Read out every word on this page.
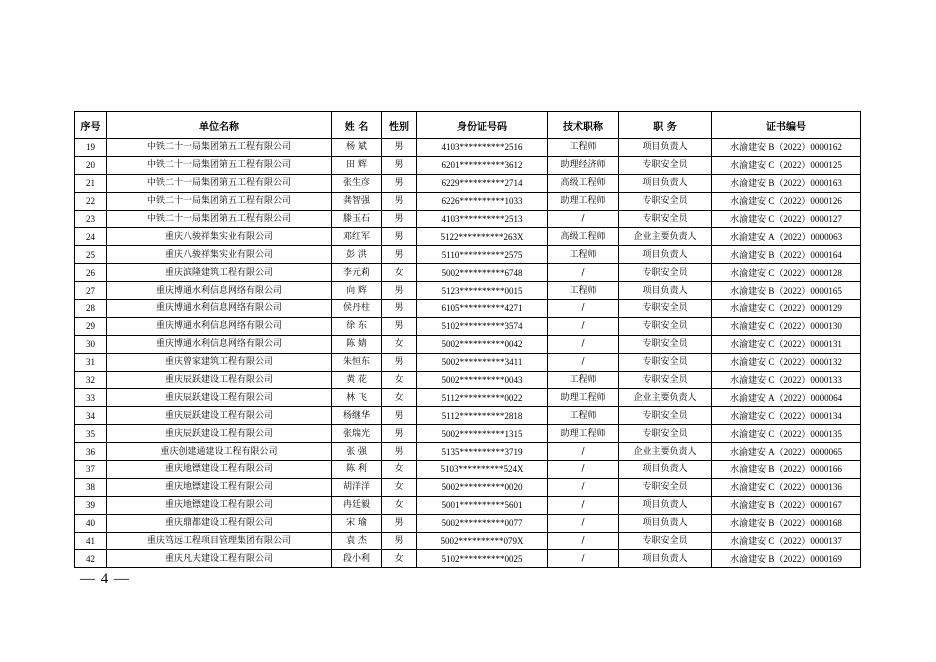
序号	单位名称	姓 名	性别	身份证号码	技术职称	职 务	证书编号
19	中铁二十一局集团第五工程有限公司	杨 斌	男	4103**********2516	工程师	项目负责人	水渝建安 B（2022）0000162
20	中铁二十一局集团第五工程有限公司	田 辉	男	6201**********3612	助理经济师	专职安全员	水渝建安 C（2022）0000125
21	中铁二十一局集团第五工程有限公司	张生彦	男	6229**********2714	高级工程师	项目负责人	水渝建安 B（2022）0000163
22	中铁二十一局集团第五工程有限公司	龚智强	男	6226**********1033	助理工程师	专职安全员	水渝建安 C（2022）0000126
23	中铁二十一局集团第五工程有限公司	滕玉石	男	4103**********2513	/	专职安全员	水渝建安 C（2022）0000127
24	重庆八骏祥集实业有限公司	邓红军	男	5122**********263X	高级工程师	企业主要负责人	水渝建安 A（2022）0000063
25	重庆八骏祥集实业有限公司	彭 洪	男	5110**********2575	工程师	项目负责人	水渝建安 B（2022）0000164
26	重庆滨隆建筑工程有限公司	李元莉	女	5002**********6748	/	专职安全员	水渝建安 C（2022）0000128
27	重庆博通水利信息网络有限公司	向 辉	男	5123**********0015	工程师	项目负责人	水渝建安 B（2022）0000165
28	重庆博通水利信息网络有限公司	侯丹柱	男	6105**********4271	/	专职安全员	水渝建安 C（2022）0000129
29	重庆博通水利信息网络有限公司	徐 东	男	5102**********3574	/	专职安全员	水渝建安 C（2022）0000130
30	重庆博通水利信息网络有限公司	陈 婧	女	5002**********0042	/	专职安全员	水渝建安 C（2022）0000131
31	重庆曾家建筑工程有限公司	朱恒东	男	5002**********3411	/	专职安全员	水渝建安 C（2022）0000132
32	重庆辰跃建设工程有限公司	黄 花	女	5002**********0043	工程师	专职安全员	水渝建安 C（2022）0000133
33	重庆辰跃建设工程有限公司	林 飞	女	5112**********0022	助理工程师	企业主要负责人	水渝建安 A（2022）0000064
34	重庆辰跃建设工程有限公司	杨继华	男	5112**********2818	工程师	专职安全员	水渝建安 C（2022）0000134
35	重庆辰跃建设工程有限公司	张瑞光	男	5002**********1315	助理工程师	专职安全员	水渝建安 C（2022）0000135
36	重庆创建通建设工程有限公司	张 强	男	5135**********3719	/	企业主要负责人	水渝建安 A（2022）0000065
37	重庆地镖建设工程有限公司	陈 利	女	5103**********524X	/	项目负责人	水渝建安 B（2022）0000166
38	重庆地镖建设工程有限公司	胡洋洋	女	5002**********0020	/	专职安全员	水渝建安 C（2022）0000136
39	重庆地镖建设工程有限公司	冉廷毅	女	5001**********5601	/	项目负责人	水渝建安 B（2022）0000167
40	重庆鼎都建设工程有限公司	宋 瑜	男	5002**********0077	/	项目负责人	水渝建安 B（2022）0000168
41	重庆笃远工程项目管理集团有限公司	袁 杰	男	5002**********079X	/	专职安全员	水渝建安 C（2022）0000137
42	重庆凡夫建设工程有限公司	段小利	女	5102**********0025	/	项目负责人	水渝建安 B（2022）0000169
— 4 —
